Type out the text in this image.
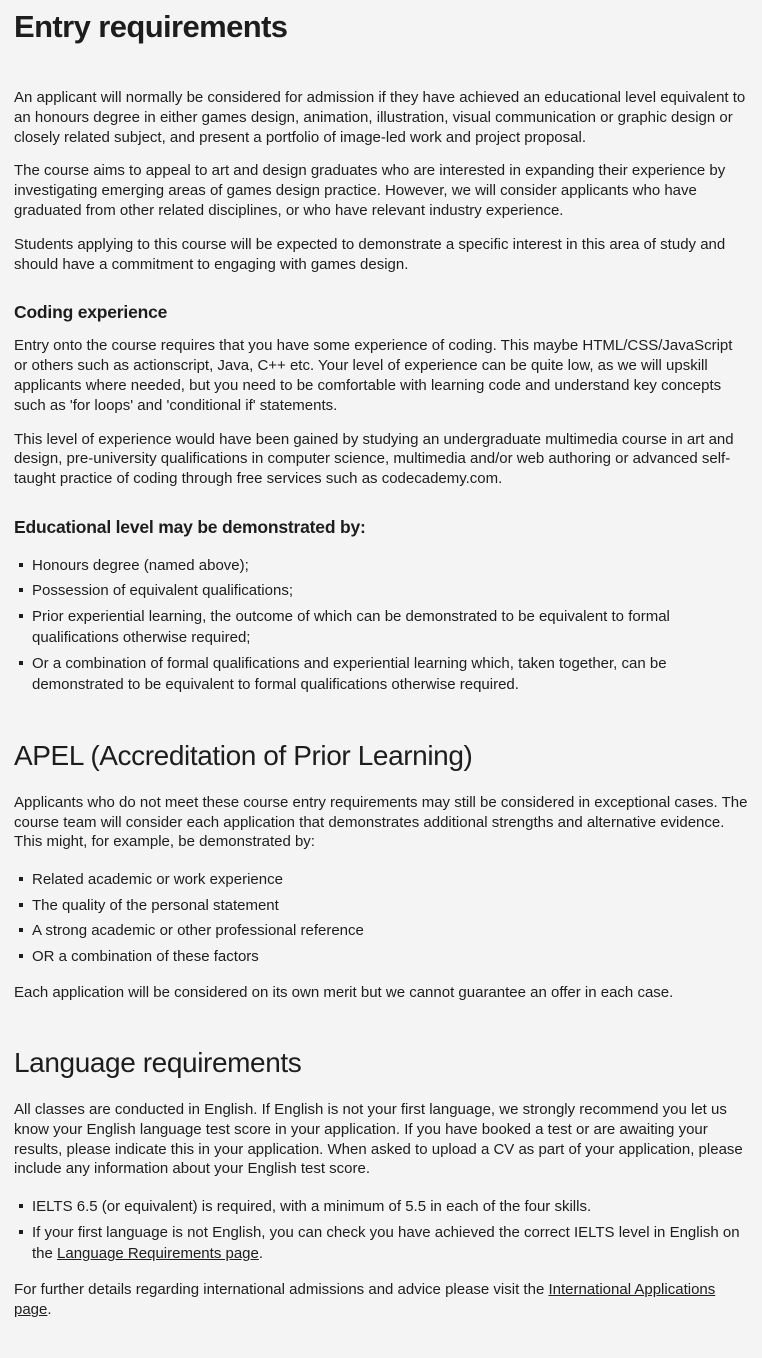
Entry requirements

An applicant will normally be considered for admission if they have achieved an educational level equivalent to an honours degree in either games design, animation, illustration, visual communication or graphic design or closely related subject, and present a portfolio of image-led work and project proposal.

The course aims to appeal to art and design graduates who are interested in expanding their experience by investigating emerging areas of games design practice. However, we will consider applicants who have graduated from other related disciplines, or who have relevant industry experience.

Students applying to this course will be expected to demonstrate a specific interest in this area of study and should have a commitment to engaging with games design.

Coding experience

Entry onto the course requires that you have some experience of coding. This maybe HTML/CSS/JavaScript or others such as actionscript, Java, C++ etc. Your level of experience can be quite low, as we will upskill applicants where needed, but you need to be comfortable with learning code and understand key concepts such as 'for loops' and 'conditional if' statements.

This level of experience would have been gained by studying an undergraduate multimedia course in art and design, pre-university qualifications in computer science, multimedia and/or web authoring or advanced self-taught practice of coding through free services such as codecademy.com.

Educational level may be demonstrated by:
Honours degree (named above);
Possession of equivalent qualifications;
Prior experiential learning, the outcome of which can be demonstrated to be equivalent to formal qualifications otherwise required;
Or a combination of formal qualifications and experiential learning which, taken together, can be demonstrated to be equivalent to formal qualifications otherwise required.
APEL (Accreditation of Prior Learning)

Applicants who do not meet these course entry requirements may still be considered in exceptional cases. The course team will consider each application that demonstrates additional strengths and alternative evidence. This might, for example, be demonstrated by:

Related academic or work experience
The quality of the personal statement
A strong academic or other professional reference
OR a combination of these factors

Each application will be considered on its own merit but we cannot guarantee an offer in each case.

Language requirements

All classes are conducted in English. If English is not your first language, we strongly recommend you let us know your English language test score in your application. If you have booked a test or are awaiting your results, please indicate this in your application. When asked to upload a CV as part of your application, please include any information about your English test score.

IELTS 6.5 (or equivalent) is required, with a minimum of 5.5 in each of the four skills.
If your first language is not English, you can check you have achieved the correct IELTS level in English on the Language Requirements page.

For further details regarding international admissions and advice please visit the International Applications page.
